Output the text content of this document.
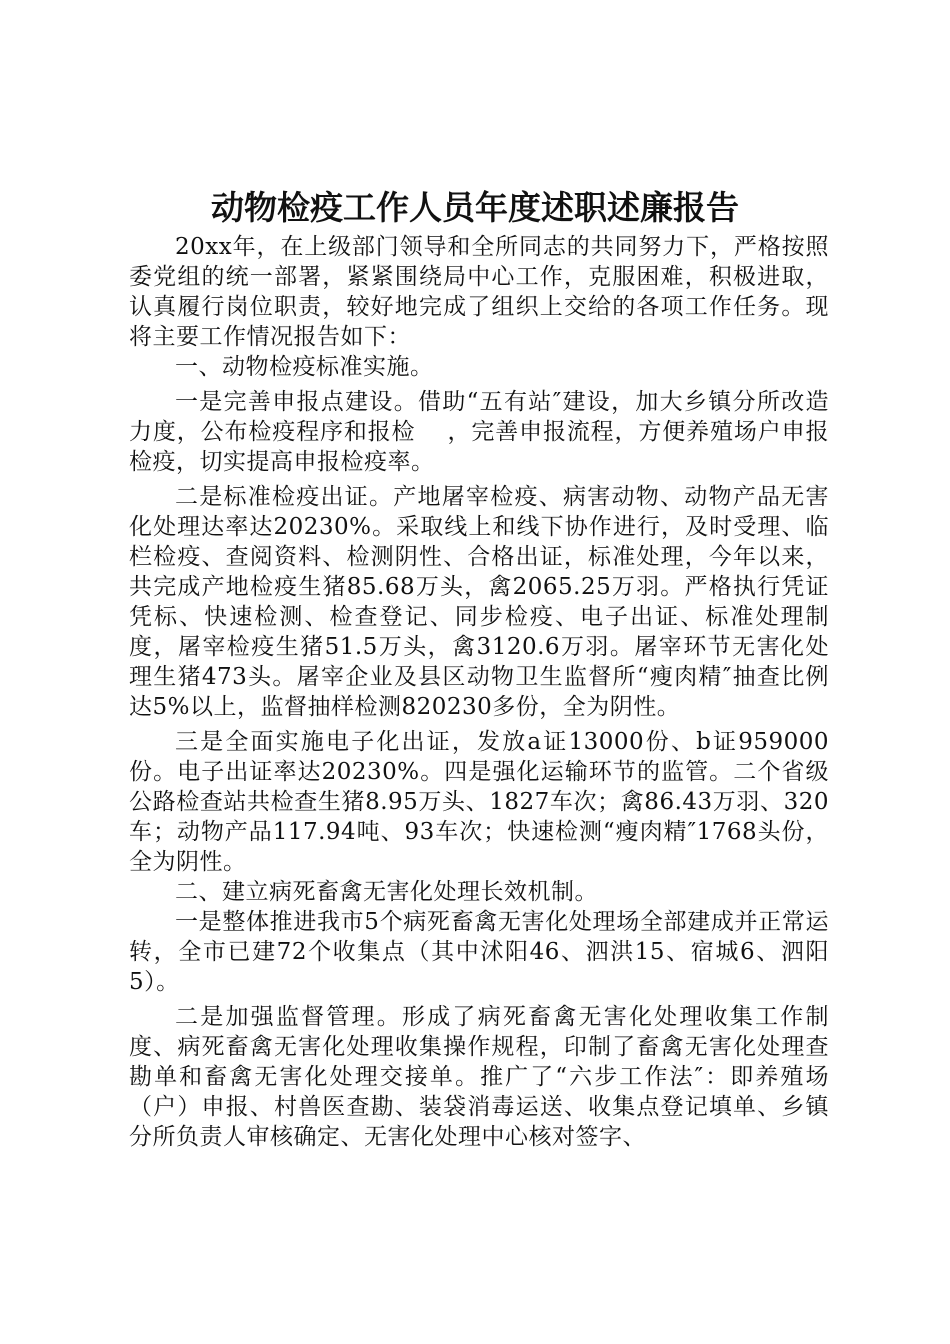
动物检疫工作人员年度述职述廉报告

20xx年，在上级部门领导和全所同志的共同努力下，严格按照委党组的统一部署，紧紧围绕局中心工作，克服困难，积极进取，认真履行岗位职责，较好地完成了组织上交给的各项工作任务。现将主要工作情况报告如下：

一、动物检疫标准实施。

一是完善申报点建设。借助“五有站″建设，加大乡镇分所改造力度，公布检疫程序和报检　 ，完善申报流程，方便养殖场户申报检疫，切实提高申报检疫率。

二是标准检疫出证。产地屠宰检疫、病害动物、动物产品无害化处理达率达20230%。采取线上和线下协作进行，及时受理、临栏检疫、查阅资料、检测阴性、合格出证，标准处理，今年以来，共完成产地检疫生猪85.68万头，禽2065.25万羽。严格执行凭证凭标、快速检测、检查登记、同步检疫、电子出证、标准处理制度，屠宰检疫生猪51.5万头，禽3120.6万羽。屠宰环节无害化处理生猪473头。屠宰企业及县区动物卫生监督所“瘦肉精″抽查比例达5%以上，监督抽样检测820230多份，全为阴性。

三是全面实施电子化出证，发放a证13000份、b证959000份。电子出证率达20230%。四是强化运输环节的监管。二个省级公路检查站共检查生猪8.95万头、1827车次；禽86.43万羽、320车；动物产品117.94吨、93车次；快速检测“瘦肉精″1768头份，全为阴性。

二、建立病死畜禽无害化处理长效机制。

一是整体推进我市5个病死畜禽无害化处理场全部建成并正常运转，全市已建72个收集点（其中沭阳46、泗洪15、宿城6、泗阳5）。

二是加强监督管理。形成了病死畜禽无害化处理收集工作制度、病死畜禽无害化处理收集操作规程，印制了畜禽无害化处理查勘单和畜禽无害化处理交接单。推广了“六步工作法″：即养殖场（户）申报、村兽医查勘、装袋消毒运送、收集点登记填单、乡镇分所负责人审核确定、无害化处理中心核对签字、
